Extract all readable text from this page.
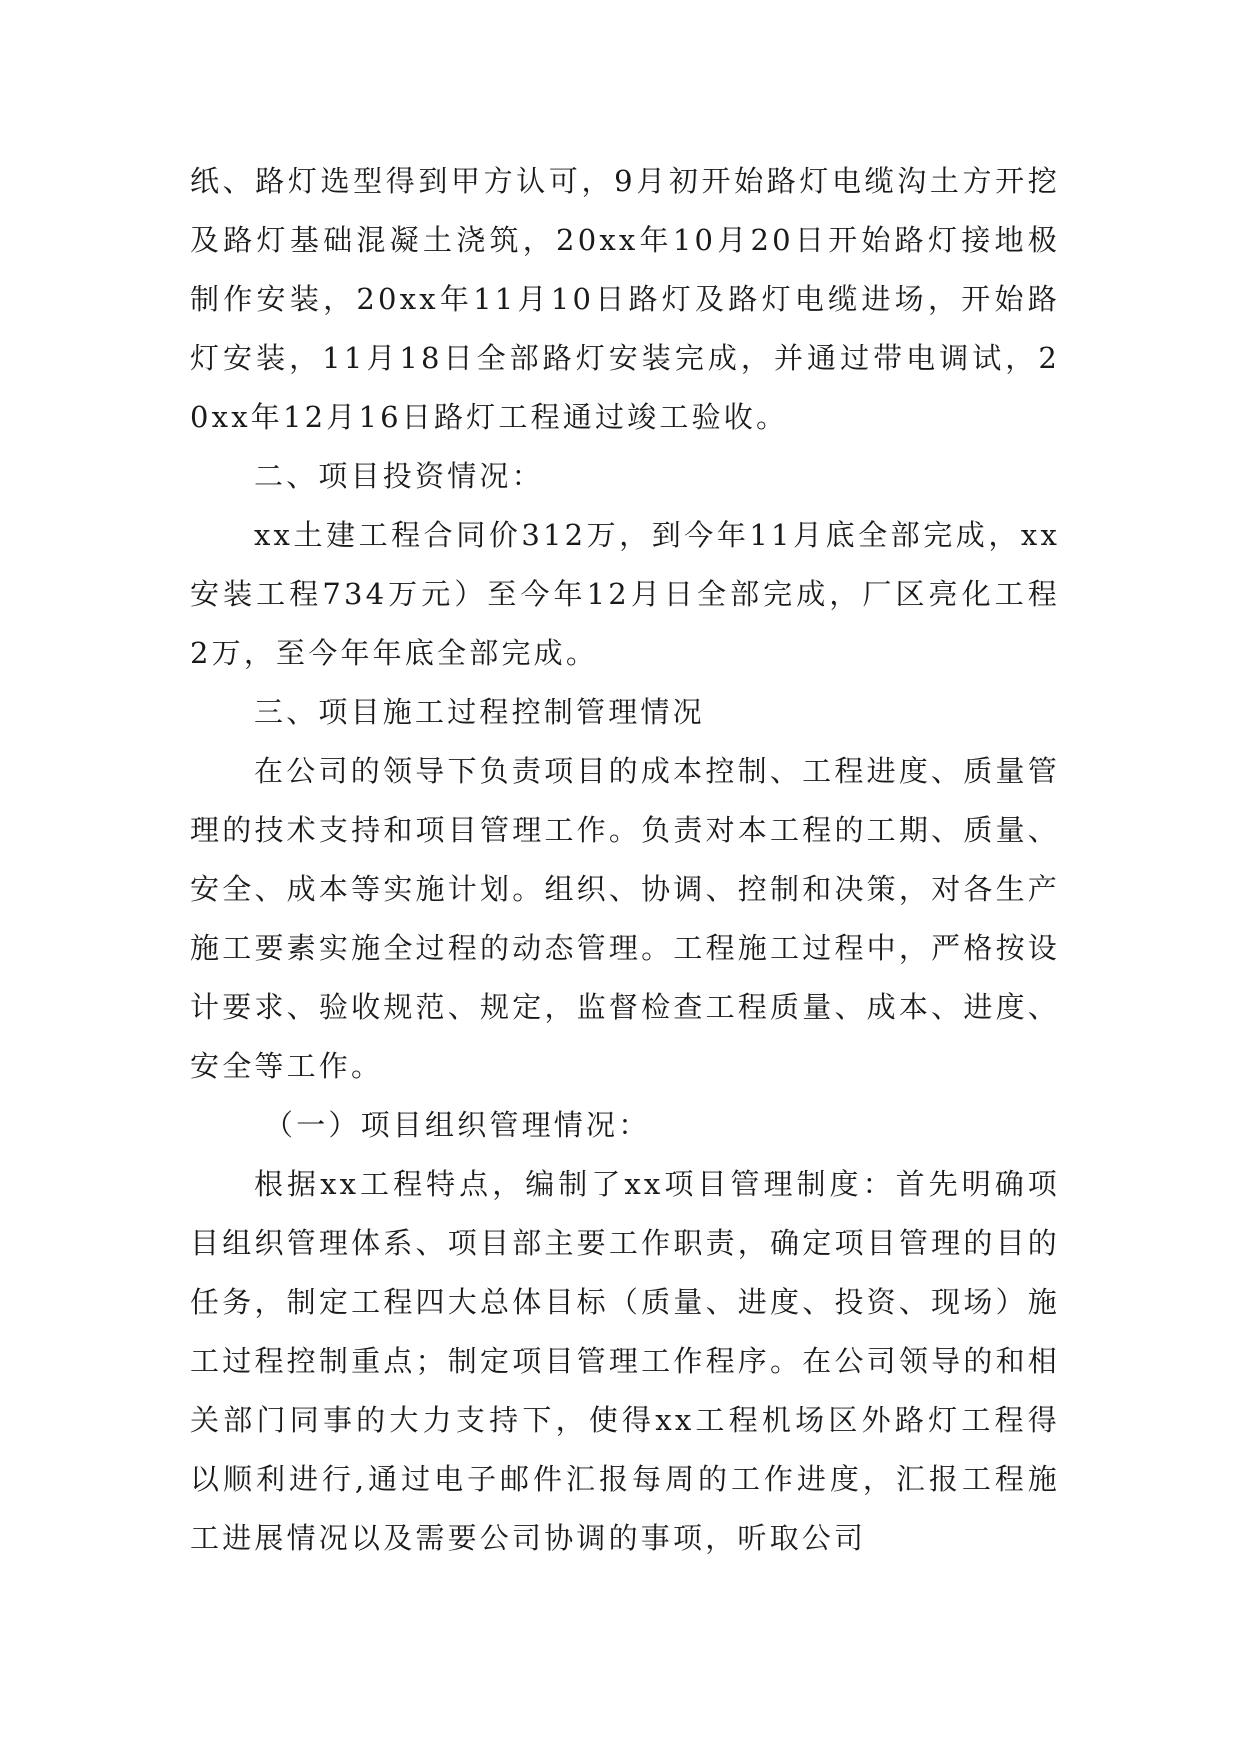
纸、路灯选型得到甲方认可，9月初开始路灯电缆沟土方开挖及路灯基础混凝土浇筑，20xx年10月20日开始路灯接地极制作安装，20xx年11月10日路灯及路灯电缆进场，开始路灯安装，11月18日全部路灯安装完成，并通过带电调试，20xx年12月16日路灯工程通过竣工验收。

二、项目投资情况：

xx土建工程合同价312万，到今年11月底全部完成，xx安装工程734万元）至今年12月日全部完成，厂区亮化工程2万，至今年年底全部完成。

三、项目施工过程控制管理情况

在公司的领导下负责项目的成本控制、工程进度、质量管理的技术支持和项目管理工作。负责对本工程的工期、质量、安全、成本等实施计划。组织、协调、控制和决策，对各生产施工要素实施全过程的动态管理。工程施工过程中，严格按设计要求、验收规范、规定，监督检查工程质量、成本、进度、安全等工作。

（一）项目组织管理情况：

根据xx工程特点，编制了xx项目管理制度：首先明确项目组织管理体系、项目部主要工作职责，确定项目管理的目的任务，制定工程四大总体目标（质量、进度、投资、现场）施工过程控制重点；制定项目管理工作程序。在公司领导的和相关部门同事的大力支持下，使得xx工程机场区外路灯工程得以顺利进行,通过电子邮件汇报每周的工作进度，汇报工程施工进展情况以及需要公司协调的事项，听取公司
